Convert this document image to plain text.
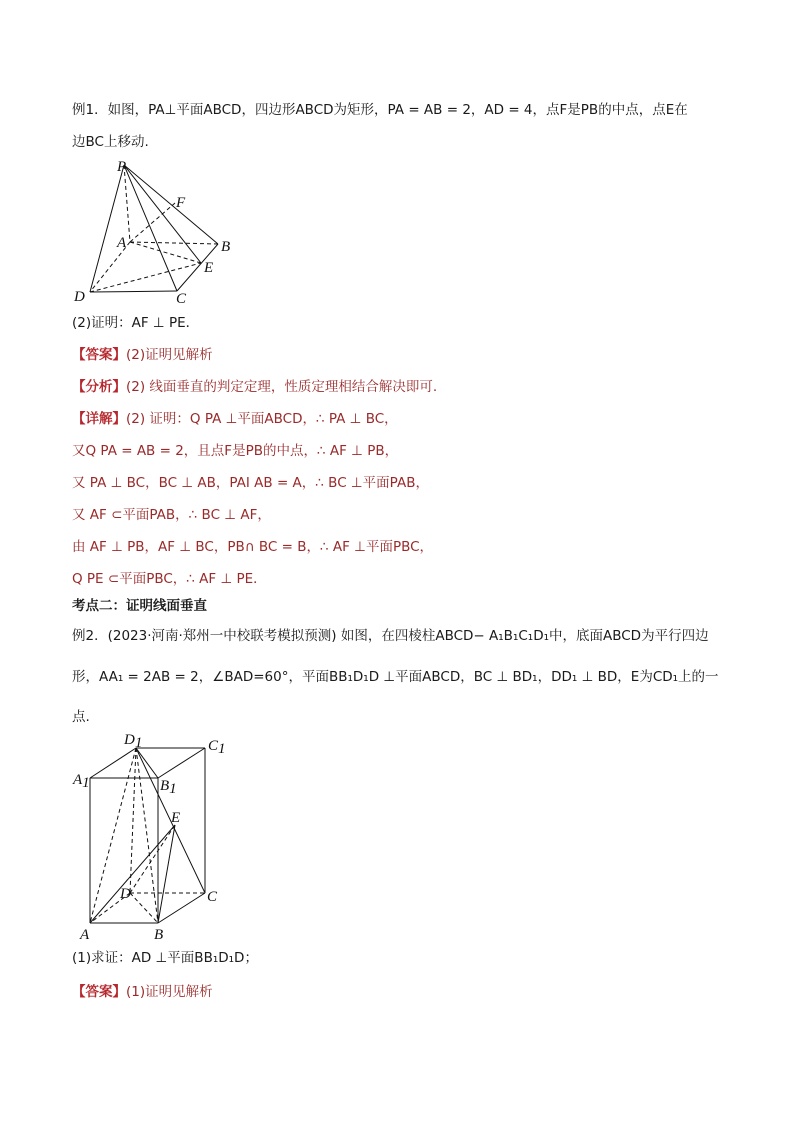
例1．如图，PA⊥平面ABCD，四边形ABCD为矩形，PA = AB = 2，AD = 4，点F是PB的中点，点E在
边BC上移动.
P
F
A	B
E
D	C
(2)证明：AF ⊥ PE．
【答案】(2)证明见解析
【分析】(2) 线面垂直的判定定理，性质定理相结合解决即可.
【详解】(2) 证明：Q PA ⊥平面ABCD，∴ PA ⊥ BC，
又Q PA = AB = 2，且点F是PB的中点，∴ AF ⊥ PB，
又 PA ⊥ BC，BC ⊥ AB，PAI AB = A，∴ BC ⊥平面PAB，
又 AF ⊂平面PAB，∴ BC ⊥ AF，
由 AF ⊥ PB，AF ⊥ BC，PB∩ BC = B，∴ AF ⊥平面PBC，
Q PE ⊂平面PBC，∴ AF ⊥ PE．
考点二：证明线面垂直
例2．(2023·河南·郑州一中校联考模拟预测) 如图，在四棱柱ABCD− A₁B₁C₁D₁中，底面ABCD为平行四边
形，AA₁ = 2AB = 2，∠BAD=60°，平面BB₁D₁D ⊥平面ABCD，BC ⊥ BD₁，DD₁ ⊥ BD，E为CD₁上的一
点.
D1	C1
A1	B1
E
D	C
A	B
(1)求证：AD ⊥平面BB₁D₁D；
【答案】(1)证明见解析
